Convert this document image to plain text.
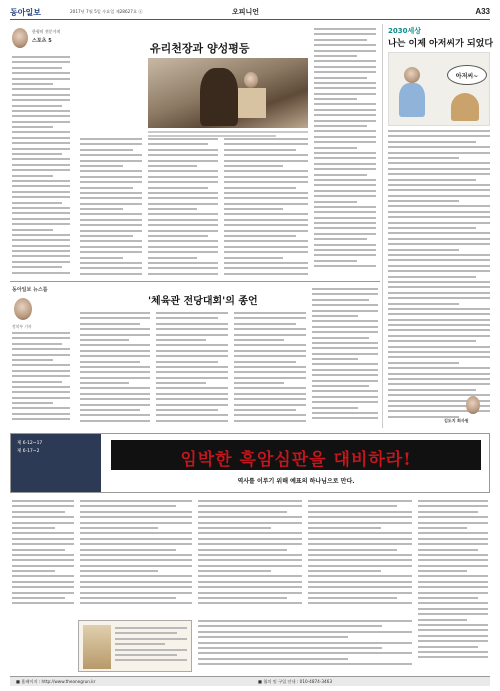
동아일보	2017년 7월 5일 수요일 제28627호 ⓐ	오피니언	A33
한형미 전문가치
스포츠 5
유리천장과 양성평등
2030세상
나는 이제 아저씨가 되었다
아저씨~
김도지 회사원
동아일보 뉴스룸
정치부 기자
'체육관 전당대회'의 종언
제 6·12~17
제 6·17~2	임박한 흑암심판을 대비하라!
역사를 이루기 위해 예표의 하나님으로 만다.
■ 홈페이지 : http://www.theonegrun.kr	■ 협의 및 구입 안내 : 010-4874-3463
